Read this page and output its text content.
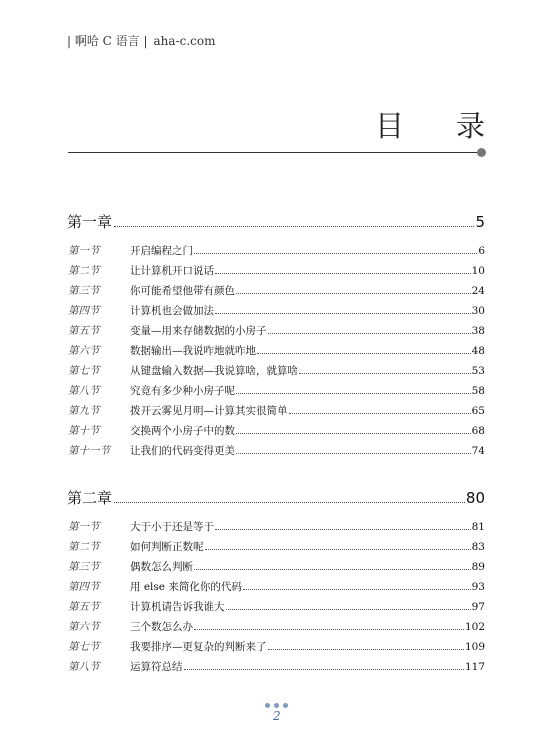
| 啊哈 C 语言 | aha-c.com
目 录
第一章	5
第一节	开启编程之门	6
第二节	让计算机开口说话	10
第三节	你可能希望他带有颜色	24
第四节	计算机也会做加法	30
第五节	变量—用来存储数据的小房子	38
第六节	数据输出—我说咋地就咋地	48
第七节	从键盘输入数据—我说算啥，就算啥	53
第八节	究竟有多少种小房子呢	58
第九节	拨开云雾见月明—计算其实很简单	65
第十节	交换两个小房子中的数	68
第十一节	让我们的代码变得更美	74
第二章	80
第一节	大于小于还是等于	81
第二节	如何判断正数呢	83
第三节	偶数怎么判断	89
第四节	用 else 来简化你的代码	93
第五节	计算机请告诉我谁大	97
第六节	三个数怎么办	102
第七节	我要排序—更复杂的判断来了	109
第八节	运算符总结	117
2
